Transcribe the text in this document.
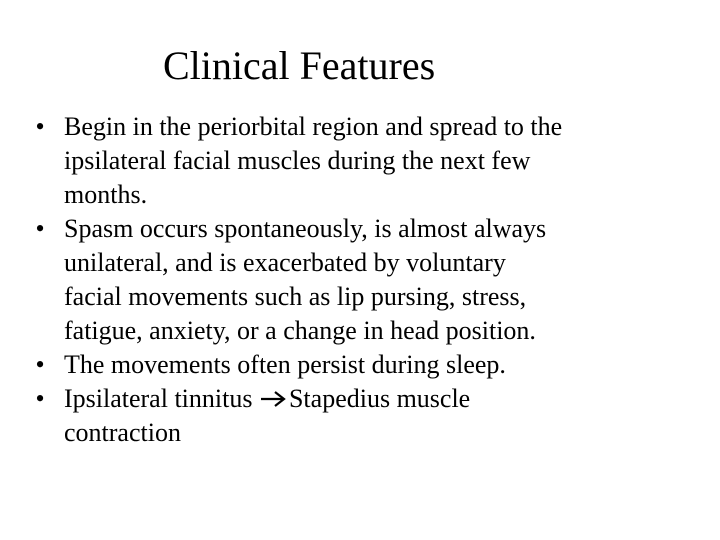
Clinical Features
• Begin in the periorbital region and spread to the
ipsilateral facial muscles during the next few
months.
• Spasm occurs spontaneously, is almost always
unilateral, and is exacerbated by voluntary
facial movements such as lip pursing, stress,
fatigue, anxiety, or a change in head position.
• The movements often persist during sleep.
• Ipsilateral tinnitus Stapedius muscle
contraction
